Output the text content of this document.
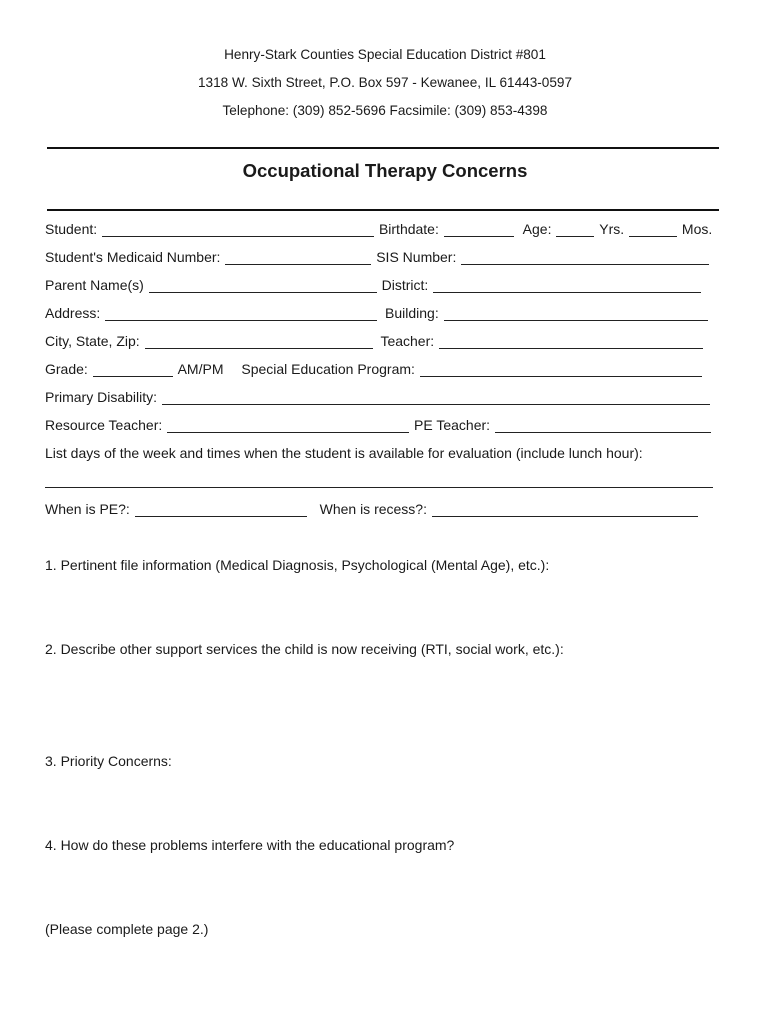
Henry-Stark Counties Special Education District #801
1318 W. Sixth Street, P.O. Box 597 - Kewanee, IL 61443-0597
Telephone: (309) 852-5696 Facsimile: (309) 853-4398
Occupational Therapy Concerns
Student:	Birthdate:	Age:	Yrs.	Mos.
Student's Medicaid Number:	SIS Number:
Parent Name(s)	District:
Address:	Building:
City, State, Zip:	Teacher:
Grade:	AM/PM Special Education Program:
Primary Disability:
Resource Teacher:	PE Teacher:
List days of the week and times when the student is available for evaluation (include lunch hour):
When is PE?:	When is recess?:
1. Pertinent file information (Medical Diagnosis, Psychological (Mental Age), etc.):
2. Describe other support services the child is now receiving (RTI, social work, etc.):
3. Priority Concerns:
4. How do these problems interfere with the educational program?
(Please complete page 2.)
